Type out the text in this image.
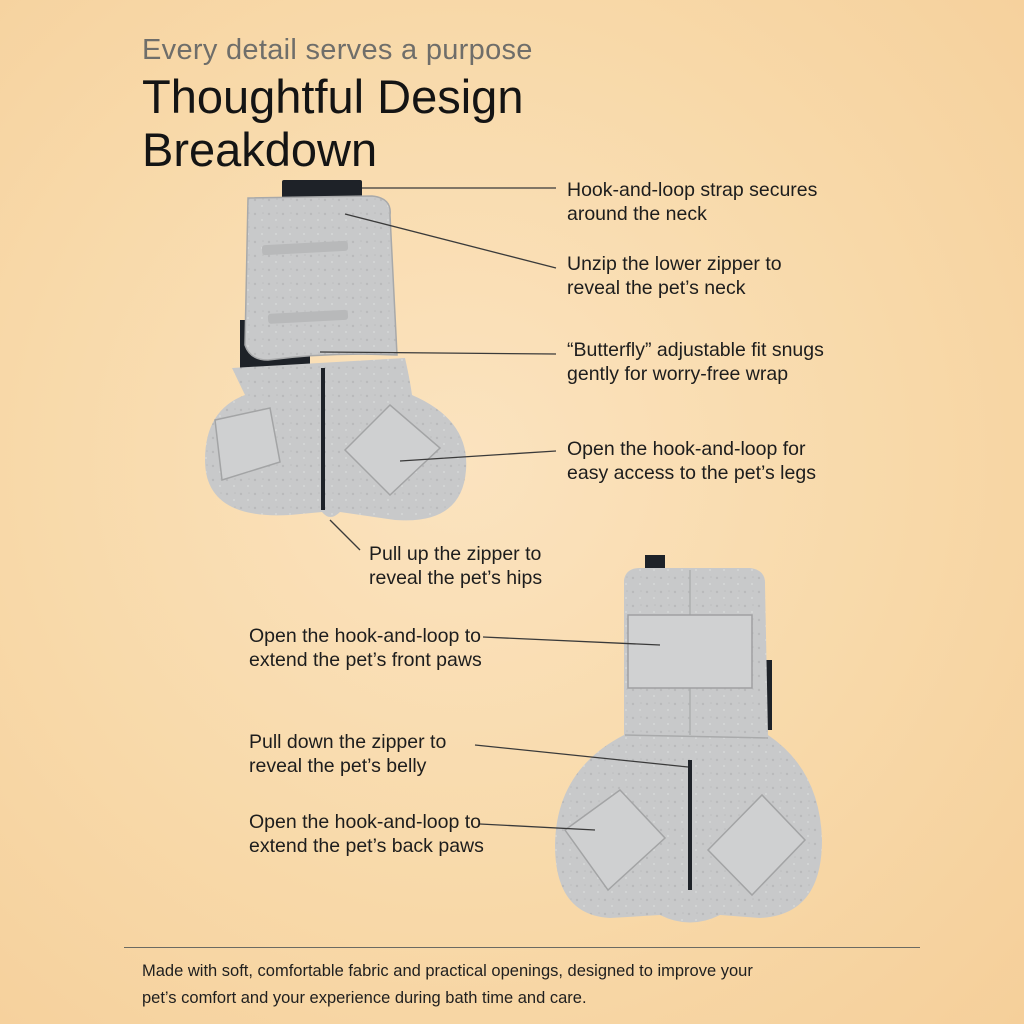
Every detail serves a purpose
Thoughtful Design Breakdown
Hook-and-loop strap secures around the neck
Unzip the lower zipper to reveal the pet’s neck
“Butterfly” adjustable fit snugs gently for worry-free wrap
Open the hook-and-loop for easy access to the pet’s legs
Pull up the zipper to reveal the pet’s hips
Open the hook-and-loop to extend the pet’s front paws
Pull down the zipper to reveal the pet’s belly
Open the hook-and-loop to extend the pet’s back paws
Made with soft, comfortable fabric and practical openings, designed to improve your pet’s comfort and your experience during bath time and care.
